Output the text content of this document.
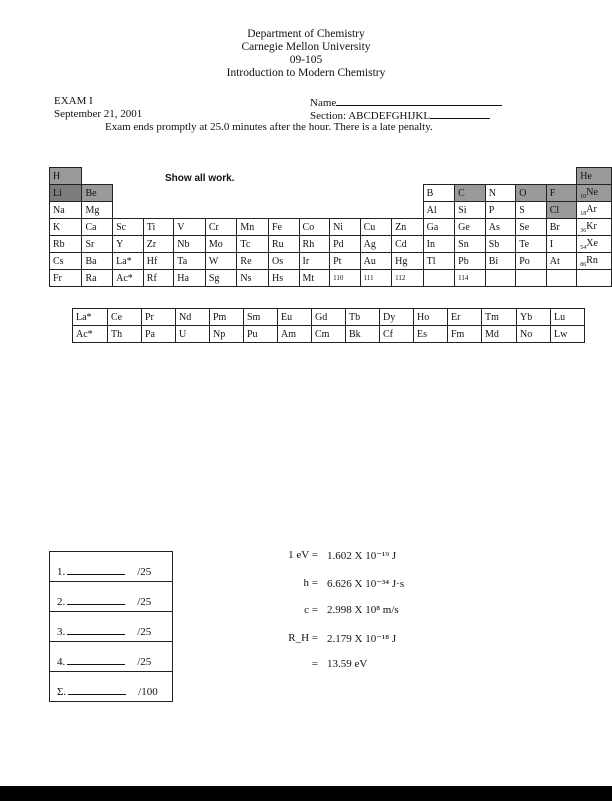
Department of Chemistry
Carnegie Mellon University
09-105
Introduction to Modern Chemistry
EXAM I
September 21, 2001
Name
Section: ABCDEFGHIJKL
Exam ends promptly at 25.0 minutes after the hour. There is a late penalty.
Show all work.
H																	He
Li	Be											B	C	N	O	F	$_{10}$Ne
Na	Mg											Al	Si	P	S	Cl	$_{18}$Ar
K	Ca	Sc	Ti	V	Cr	Mn	Fe	Co	Ni	Cu	Zn	Ga	Ge	As	Se	Br	$_{36}$Kr
Rb	Sr	Y	Zr	Nb	Mo	Tc	Ru	Rh	Pd	Ag	Cd	In	Sn	Sb	Te	I	$_{54}$Xe
Cs	Ba	La*	Hf	Ta	W	Re	Os	Ir	Pt	Au	Hg	Tl	Pb	Bi	Po	At	$_{86}$Rn
Fr	Ra	Ac*	Rf	Ha	Sg	Ns	Hs	Mt	110	111	112		114				
La*	Ce	Pr	Nd	Pm	Sm	Eu	Gd	Tb	Dy	Ho	Er	Tm	Yb	Lu
Ac*	Th	Pa	U	Np	Pu	Am	Cm	Bk	Cf	Es	Fm	Md	No	Lw
1.	/25
2.	/25
3.	/25
4.	/25
Σ.	/100
1 eV = 1.602 X 10⁻¹⁹ J
h = 6.626 X 10⁻³⁴ J·s
c = 2.998 X 10⁸ m/s
R_H = 2.179 X 10⁻¹⁸ J
= 13.59 eV
